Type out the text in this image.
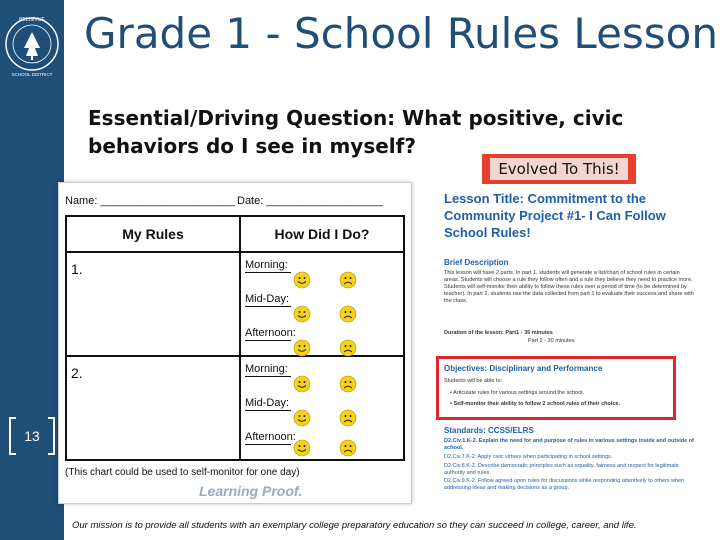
BELLEVUE
SCHOOL DISTRICT
13
Grade 1 - School Rules Lesson
Essential/Driving Question: What positive, civic behaviors do I see in myself?
Evolved To This!
Name: ______________________ Date: ___________________
My Rules	How Did I Do?
1.
2.
Morning:
Mid-Day:
Afternoon:
Morning:
Mid-Day:
Afternoon:
(This chart could be used to self-monitor for one day)
Learning Proof.
Lesson Title: Commitment to the Community Project #1- I Can Follow School Rules!
Brief Description
This lesson will have 2 parts. In part 1, students will generate a list/chart of school rules in certain areas. Students will choose a rule they follow often and a rule they believe they need to practice more. Students will self-monitor their ability to follow these rules over a period of time (to be determined by teacher). In part 2, students use the data collected from part 1 to evaluate their success and share with the class.
Duration of the lesson: Part1 - 35 minutes
Part 2 - 30 minutes
Objectives: Disciplinary and Performance
Students will be able to:
• Articulate rules for various settings around the school.
• Self-monitor their ability to follow 2 school rules of their choice.
Standards: CCSS/ELRS
D2.Civ.1.K-2. Explain the need for and purpose of rules in various settings inside and outside of school.
D2.Civ.7.K-2. Apply civic virtues when participating in school settings.
D2.Civ.8.K-2. Describe democratic principles such as equality, fairness and respect for legitimate authority and rules.
D2.Civ.9.K-2. Follow agreed upon rules for discussions while responding attentively to others when addressing ideas and making decisions as a group.
Our mission is to provide all students with an exemplary college preparatory education so they can succeed in college, career, and life.
